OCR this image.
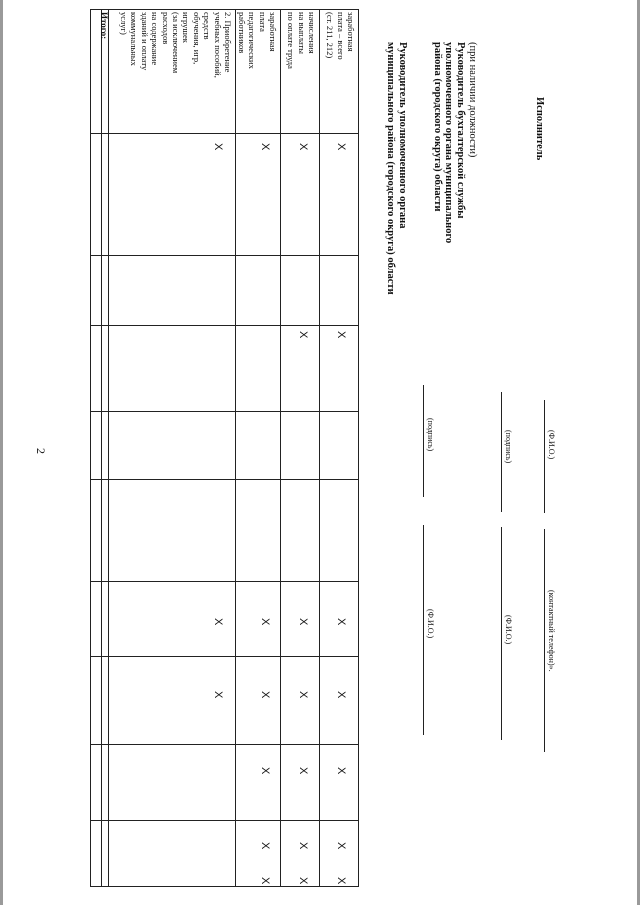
2
заработная
плата – всего
(ст. 211, 212)
начисления
на выплаты
по оплате труда
заработная
плата
педагогических
работников
2. Приобретение
учебных пособий,
средств
обучения, игр,
игрушек
(за исключением
расходов
на содержание
зданий и оплату
коммунальных
услуг)
Итого:
X
X
X
X
X
X
X
X
X
X
X
X
X
X
X
X
X
X
X
X
X
X
X
Руководитель уполномоченного органа
муниципального района (городского округа) области
(подпись)
(Ф.И.О.)
Руководитель бухгалтерской службы
уполномоченного органа муниципального
района (городского округа) области (при наличии должности)
(подпись)
(Ф.И.О.)
Исполнитель
(Ф.И.О.)
(контактный телефон)».
